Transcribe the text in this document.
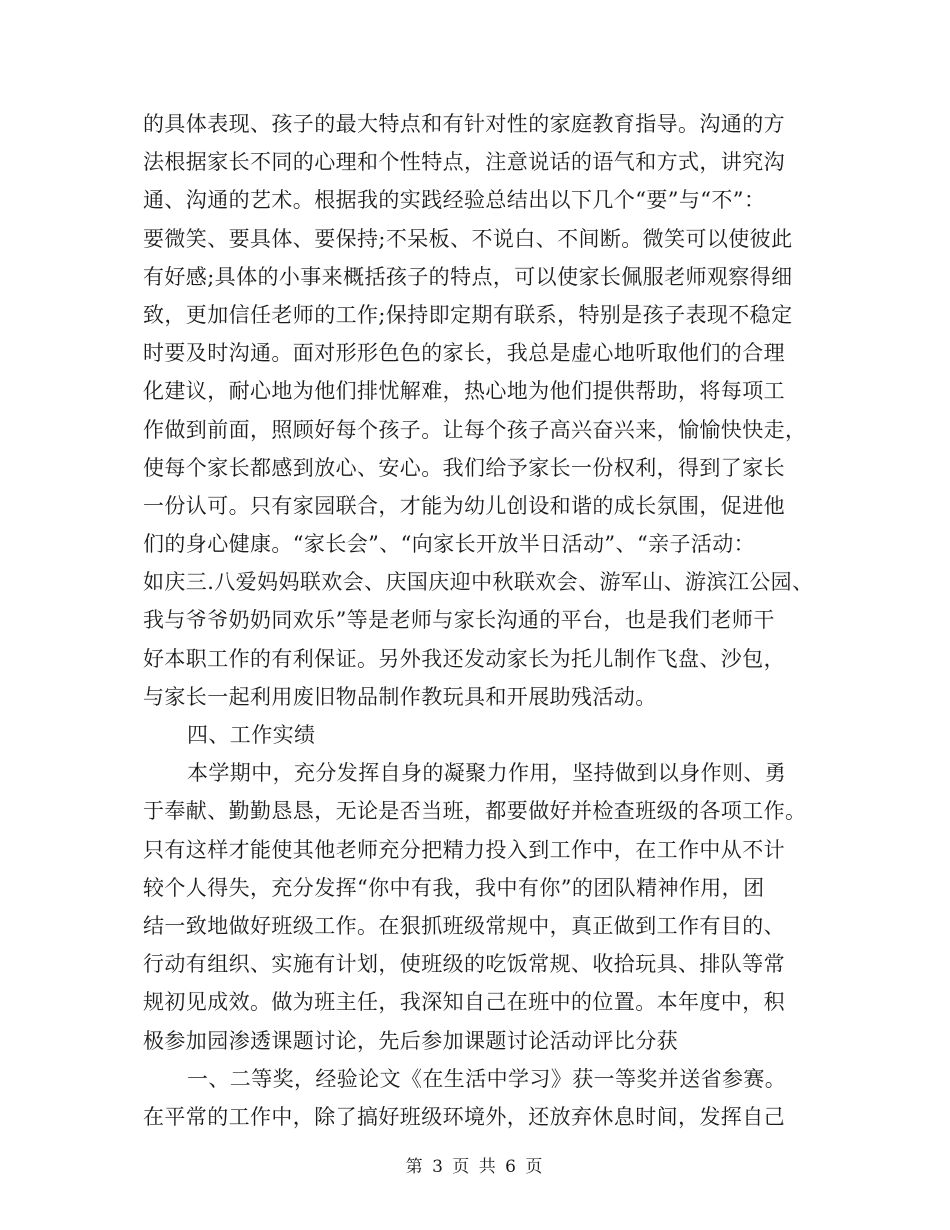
的具体表现、孩子的最大特点和有针对性的家庭教育指导。沟通的方
法根据家长不同的心理和个性特点，注意说话的语气和方式，讲究沟
通、沟通的艺术。根据我的实践经验总结出以下几个“要”与“不”：
要微笑、要具体、要保持;不呆板、不说白、不间断。微笑可以使彼此
有好感;具体的小事来概括孩子的特点，可以使家长佩服老师观察得细
致，更加信任老师的工作;保持即定期有联系，特别是孩子表现不稳定
时要及时沟通。面对形形色色的家长，我总是虚心地听取他们的合理
化建议，耐心地为他们排忧解难，热心地为他们提供帮助，将每项工
作做到前面，照顾好每个孩子。让每个孩子高兴奋兴来，愉愉快快走，
使每个家长都感到放心、安心。我们给予家长一份权利，得到了家长
一份认可。只有家园联合，才能为幼儿创设和谐的成长氛围，促进他
们的身心健康。“家长会”、“向家长开放半日活动”、“亲子活动：
如庆三.八爱妈妈联欢会、庆国庆迎中秋联欢会、游军山、游滨江公园、
我与爷爷奶奶同欢乐”等是老师与家长沟通的平台，也是我们老师干
好本职工作的有利保证。另外我还发动家长为托儿制作飞盘、沙包，
与家长一起利用废旧物品制作教玩具和开展助残活动。
四、工作实绩
本学期中，充分发挥自身的凝聚力作用，坚持做到以身作则、勇
于奉献、勤勤恳恳，无论是否当班，都要做好并检查班级的各项工作。
只有这样才能使其他老师充分把精力投入到工作中，在工作中从不计
较个人得失，充分发挥“你中有我，我中有你”的团队精神作用，团
结一致地做好班级工作。在狠抓班级常规中，真正做到工作有目的、
行动有组织、实施有计划，使班级的吃饭常规、收拾玩具、排队等常
规初见成效。做为班主任，我深知自己在班中的位置。本年度中，积
极参加园渗透课题讨论，先后参加课题讨论活动评比分获
一、二等奖，经验论文《在生活中学习》获一等奖并送省参赛。
在平常的工作中，除了搞好班级环境外，还放弃休息时间，发挥自己
第 3 页 共 6 页
